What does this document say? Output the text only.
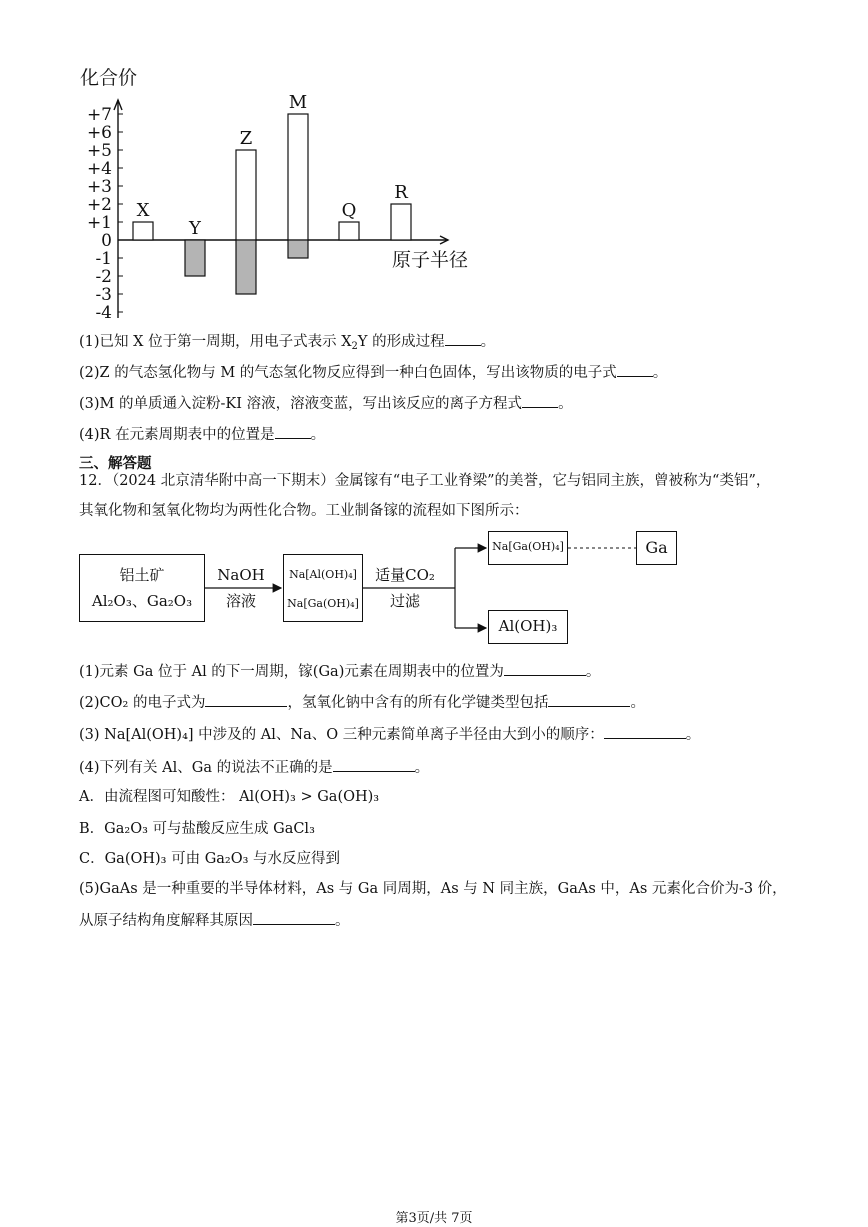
化合价
原子半径
+7
+6
+5
+4
+3
+2
+1
0
-1
-2
-3
-4
X
Y
Z
M
Q
R
(1)已知 X 位于第一周期，用电子式表示 $X_2Y$ 的形成过程 。
(2)Z 的气态氢化物与 M 的气态氢化物反应得到一种白色固体，写出该物质的电子式 。
(3)M 的单质通入淀粉-KI 溶液，溶液变蓝，写出该反应的离子方程式 。
(4)R 在元素周期表中的位置是 。
三、解答题
12．（2024 北京清华附中高一下期末）金属镓有“电子工业脊梁”的美誉，它与铝同主族，曾被称为“类铝”，
其氧化物和氢氧化物均为两性化合物。工业制备镓的流程如下图所示：
铝土矿
Al₂O₃、Ga₂O₃
NaOH
溶液
Na[Al(OH)₄]
Na[Ga(OH)₄]
适量CO₂
过滤
Na[Ga(OH)₄]	Ga
Al(OH)₃
(1)元素 Ga 位于 Al 的下一周期，镓(Ga)元素在周期表中的位置为	。
(2)CO₂ 的电子式为	，氢氧化钠中含有的所有化学键类型包括	。
(3) Na[Al(OH)₄] 中涉及的 Al、Na、O 三种元素简单离子半径由大到小的顺序：	。
(4)下列有关 Al、Ga 的说法不正确的是	。
A．由流程图可知酸性： Al(OH)₃ > Ga(OH)₃
B．Ga₂O₃ 可与盐酸反应生成 GaCl₃
C．Ga(OH)₃ 可由 Ga₂O₃ 与水反应得到
(5)GaAs 是一种重要的半导体材料，As 与 Ga 同周期，As 与 N 同主族，GaAs 中，As 元素化合价为-3 价，
从原子结构角度解释其原因	。
第3页/共 7页
